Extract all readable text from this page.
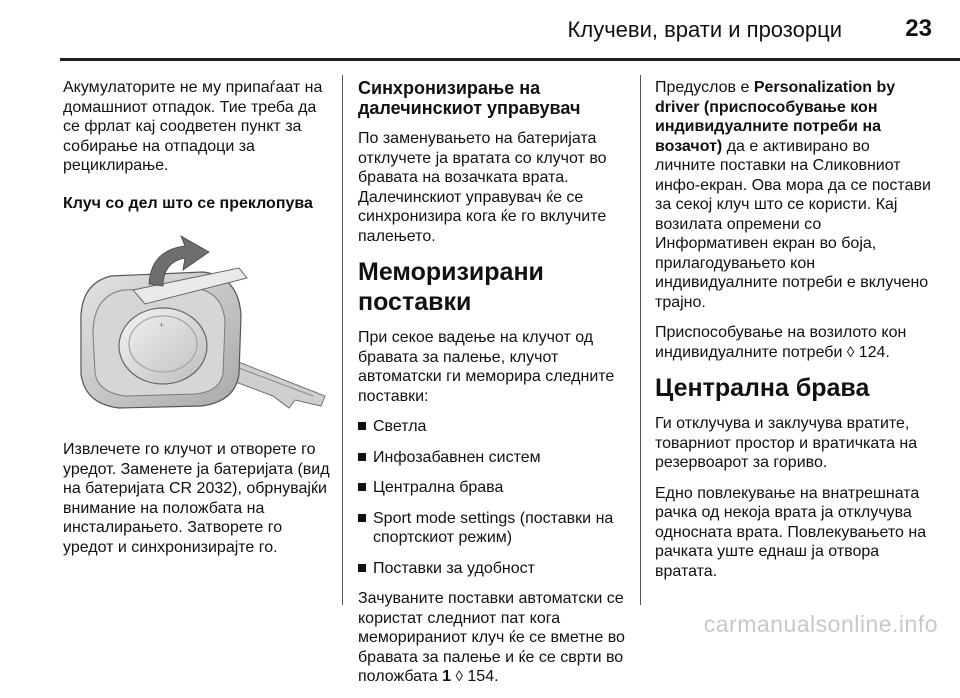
Клучеви, врати и прозорци	23

Акумулаторите не му припаѓаат на домашниот отпадок. Тие треба да се фрлат кај соодветен пункт за собирање на отпадоци за рециклирање.

Клуч со дел што се преклопува

+

Извлечете го клучот и отворете го уредот. Заменете ја батеријата (вид на батеријата CR 2032), обрнувајќи внимание на положбата на инсталирањето. Затворете го уредот и синхронизирајте го.

Синхронизирање на далечинскиот управувач

По заменувањето на батеријата отклучете ја вратата со клучот во бравата на возачката врата. Далечинскиот управувач ќе се синхронизира кога ќе го вклучите палењето.

Меморизирани поставки

При секое вадење на клучот од бравата за палење, клучот автоматски ги меморира следните поставки:

Светла
Инфозабавнен систем
Централна брава
Sport mode settings (поставки на спортскиот режим)
Поставки за удобност

Зачуваните поставки автоматски се користат следниот пат кога меморираниот клуч ќе се вметне во бравата за палење и ќе се сврти во положбата 1 ◊ 154.

Предуслов е Personalization by driver (приспособување кон индивидуалните потреби на возачот) да е активирано во личните поставки на Сликовниот инфо-екран. Ова мора да се постави за секој клуч што се користи. Кај возилата опремени со Информативен екран во боја, прилагодувањето кон индивидуалните потреби е вклучено трајно.

Приспособување на возилото кон индивидуалните потреби ◊ 124.

Централна брава

Ги отклучува и заклучува вратите, товарниот простор и вратичката на резервоарот за гориво.

Едно повлекување на внатрешната рачка од некоја врата ја отклучува односната врата. Повлекувањето на рачката уште еднаш ја отвора вратата.

carmanualsonline.info
